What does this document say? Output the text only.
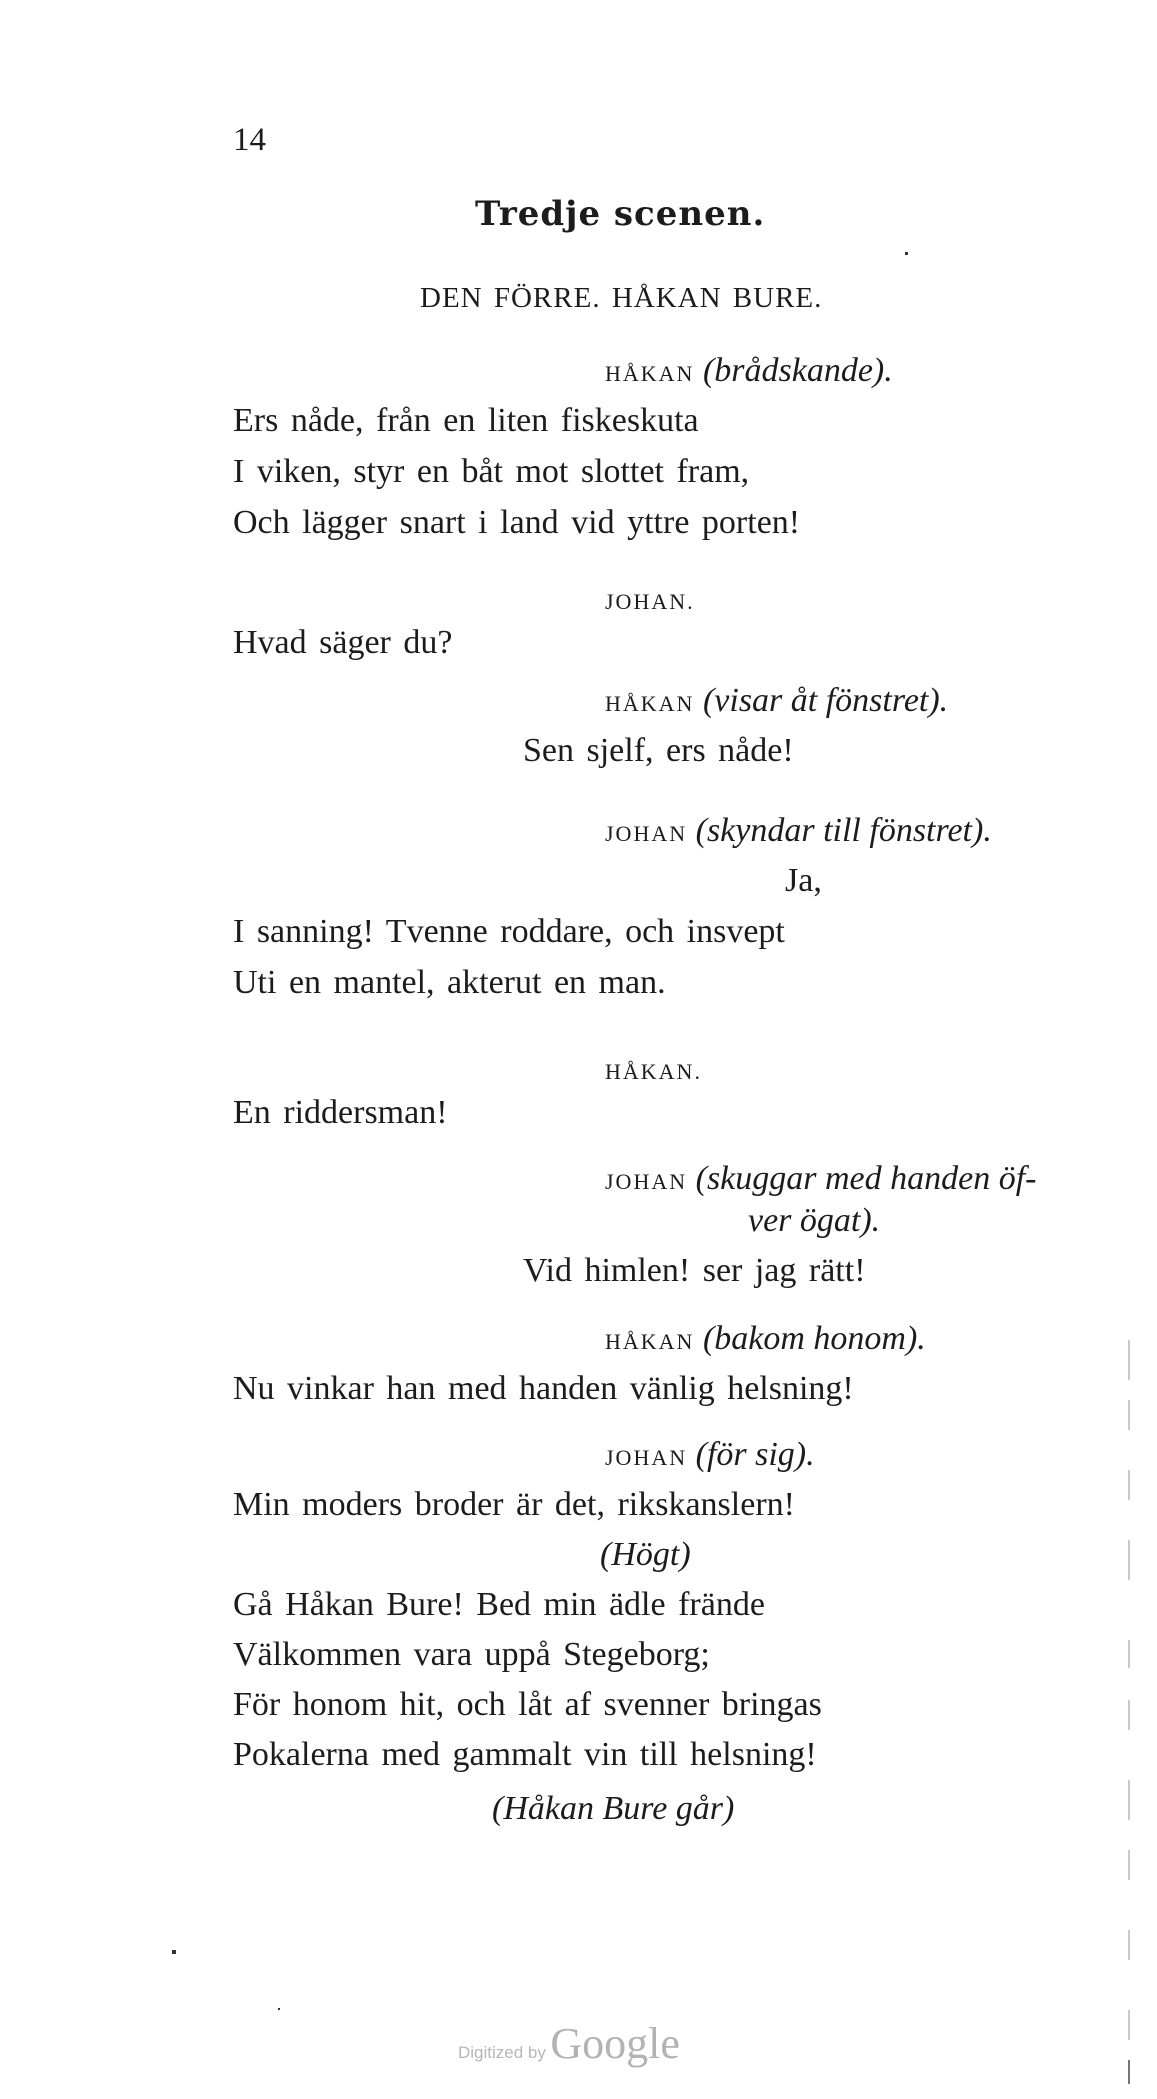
14
Tredje scenen.
DEN FÖRRE. HÅKAN BURE.
HÅKAN (brådskande).
Ers nåde, från en liten fiskeskuta
I viken, styr en båt mot slottet fram,
Och lägger snart i land vid yttre porten!
JOHAN.
Hvad säger du?
HÅKAN (visar åt fönstret).
Sen sjelf, ers nåde!
JOHAN (skyndar till fönstret).
Ja,
I sanning! Tvenne roddare, och insvept
Uti en mantel, akterut en man.
HÅKAN.
En riddersman!
JOHAN (skuggar med handen öf-
ver ögat).
Vid himlen! ser jag rätt!
HÅKAN (bakom honom).
Nu vinkar han med handen vänlig helsning!
JOHAN (för sig).
Min moders broder är det, rikskanslern!
(Högt)
Gå Håkan Bure! Bed min ädle frände
Välkommen vara uppå Stegeborg;
För honom hit, och låt af svenner bringas
Pokalerna med gammalt vin till helsning!
(Håkan Bure går)
Digitized by Google
